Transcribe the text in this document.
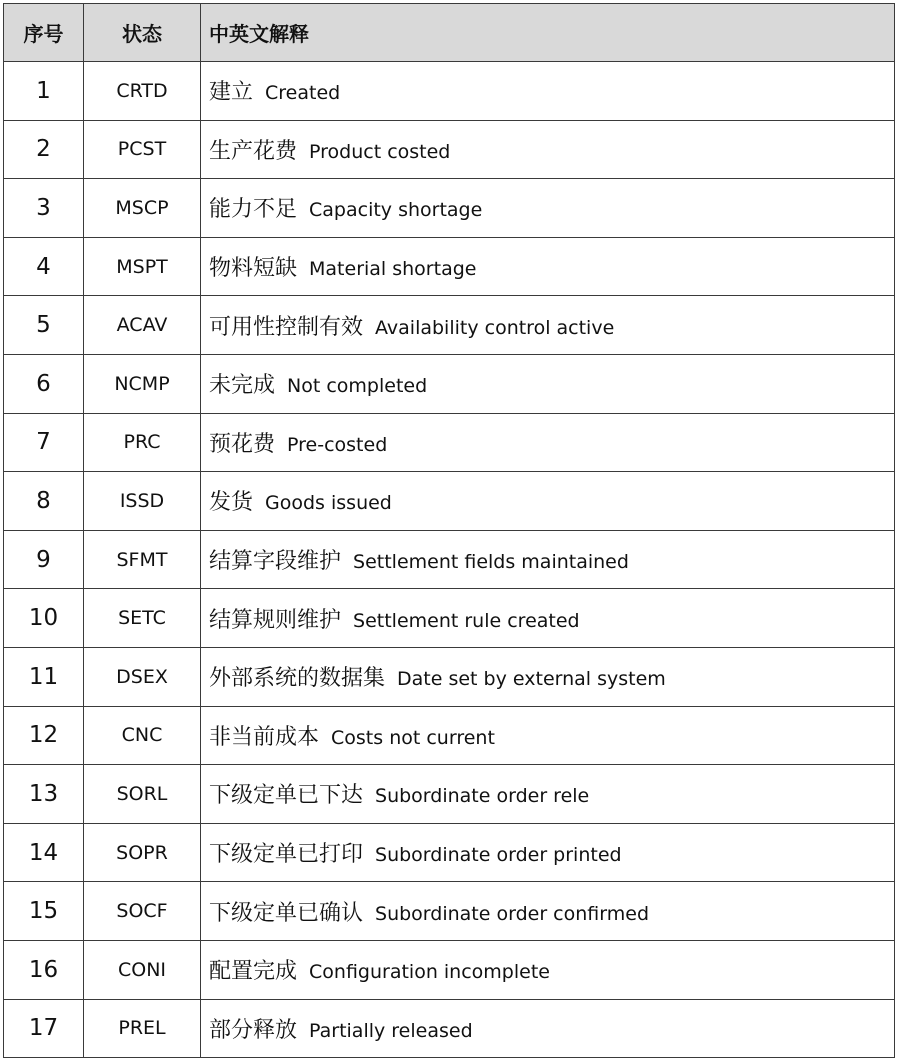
序号	状态	中英文解释
1	CRTD	建立 Created
2	PCST	生产花费 Product costed
3	MSCP	能力不足 Capacity shortage
4	MSPT	物料短缺 Material shortage
5	ACAV	可用性控制有效 Availability control active
6	NCMP	未完成 Not completed
7	PRC	预花费 Pre-costed
8	ISSD	发货 Goods issued
9	SFMT	结算字段维护 Settlement fields maintained
10	SETC	结算规则维护 Settlement rule created
11	DSEX	外部系统的数据集 Date set by external system
12	CNC	非当前成本 Costs not current
13	SORL	下级定单已下达 Subordinate order rele
14	SOPR	下级定单已打印 Subordinate order printed
15	SOCF	下级定单已确认 Subordinate order confirmed
16	CONI	配置完成 Configuration incomplete
17	PREL	部分释放 Partially released
